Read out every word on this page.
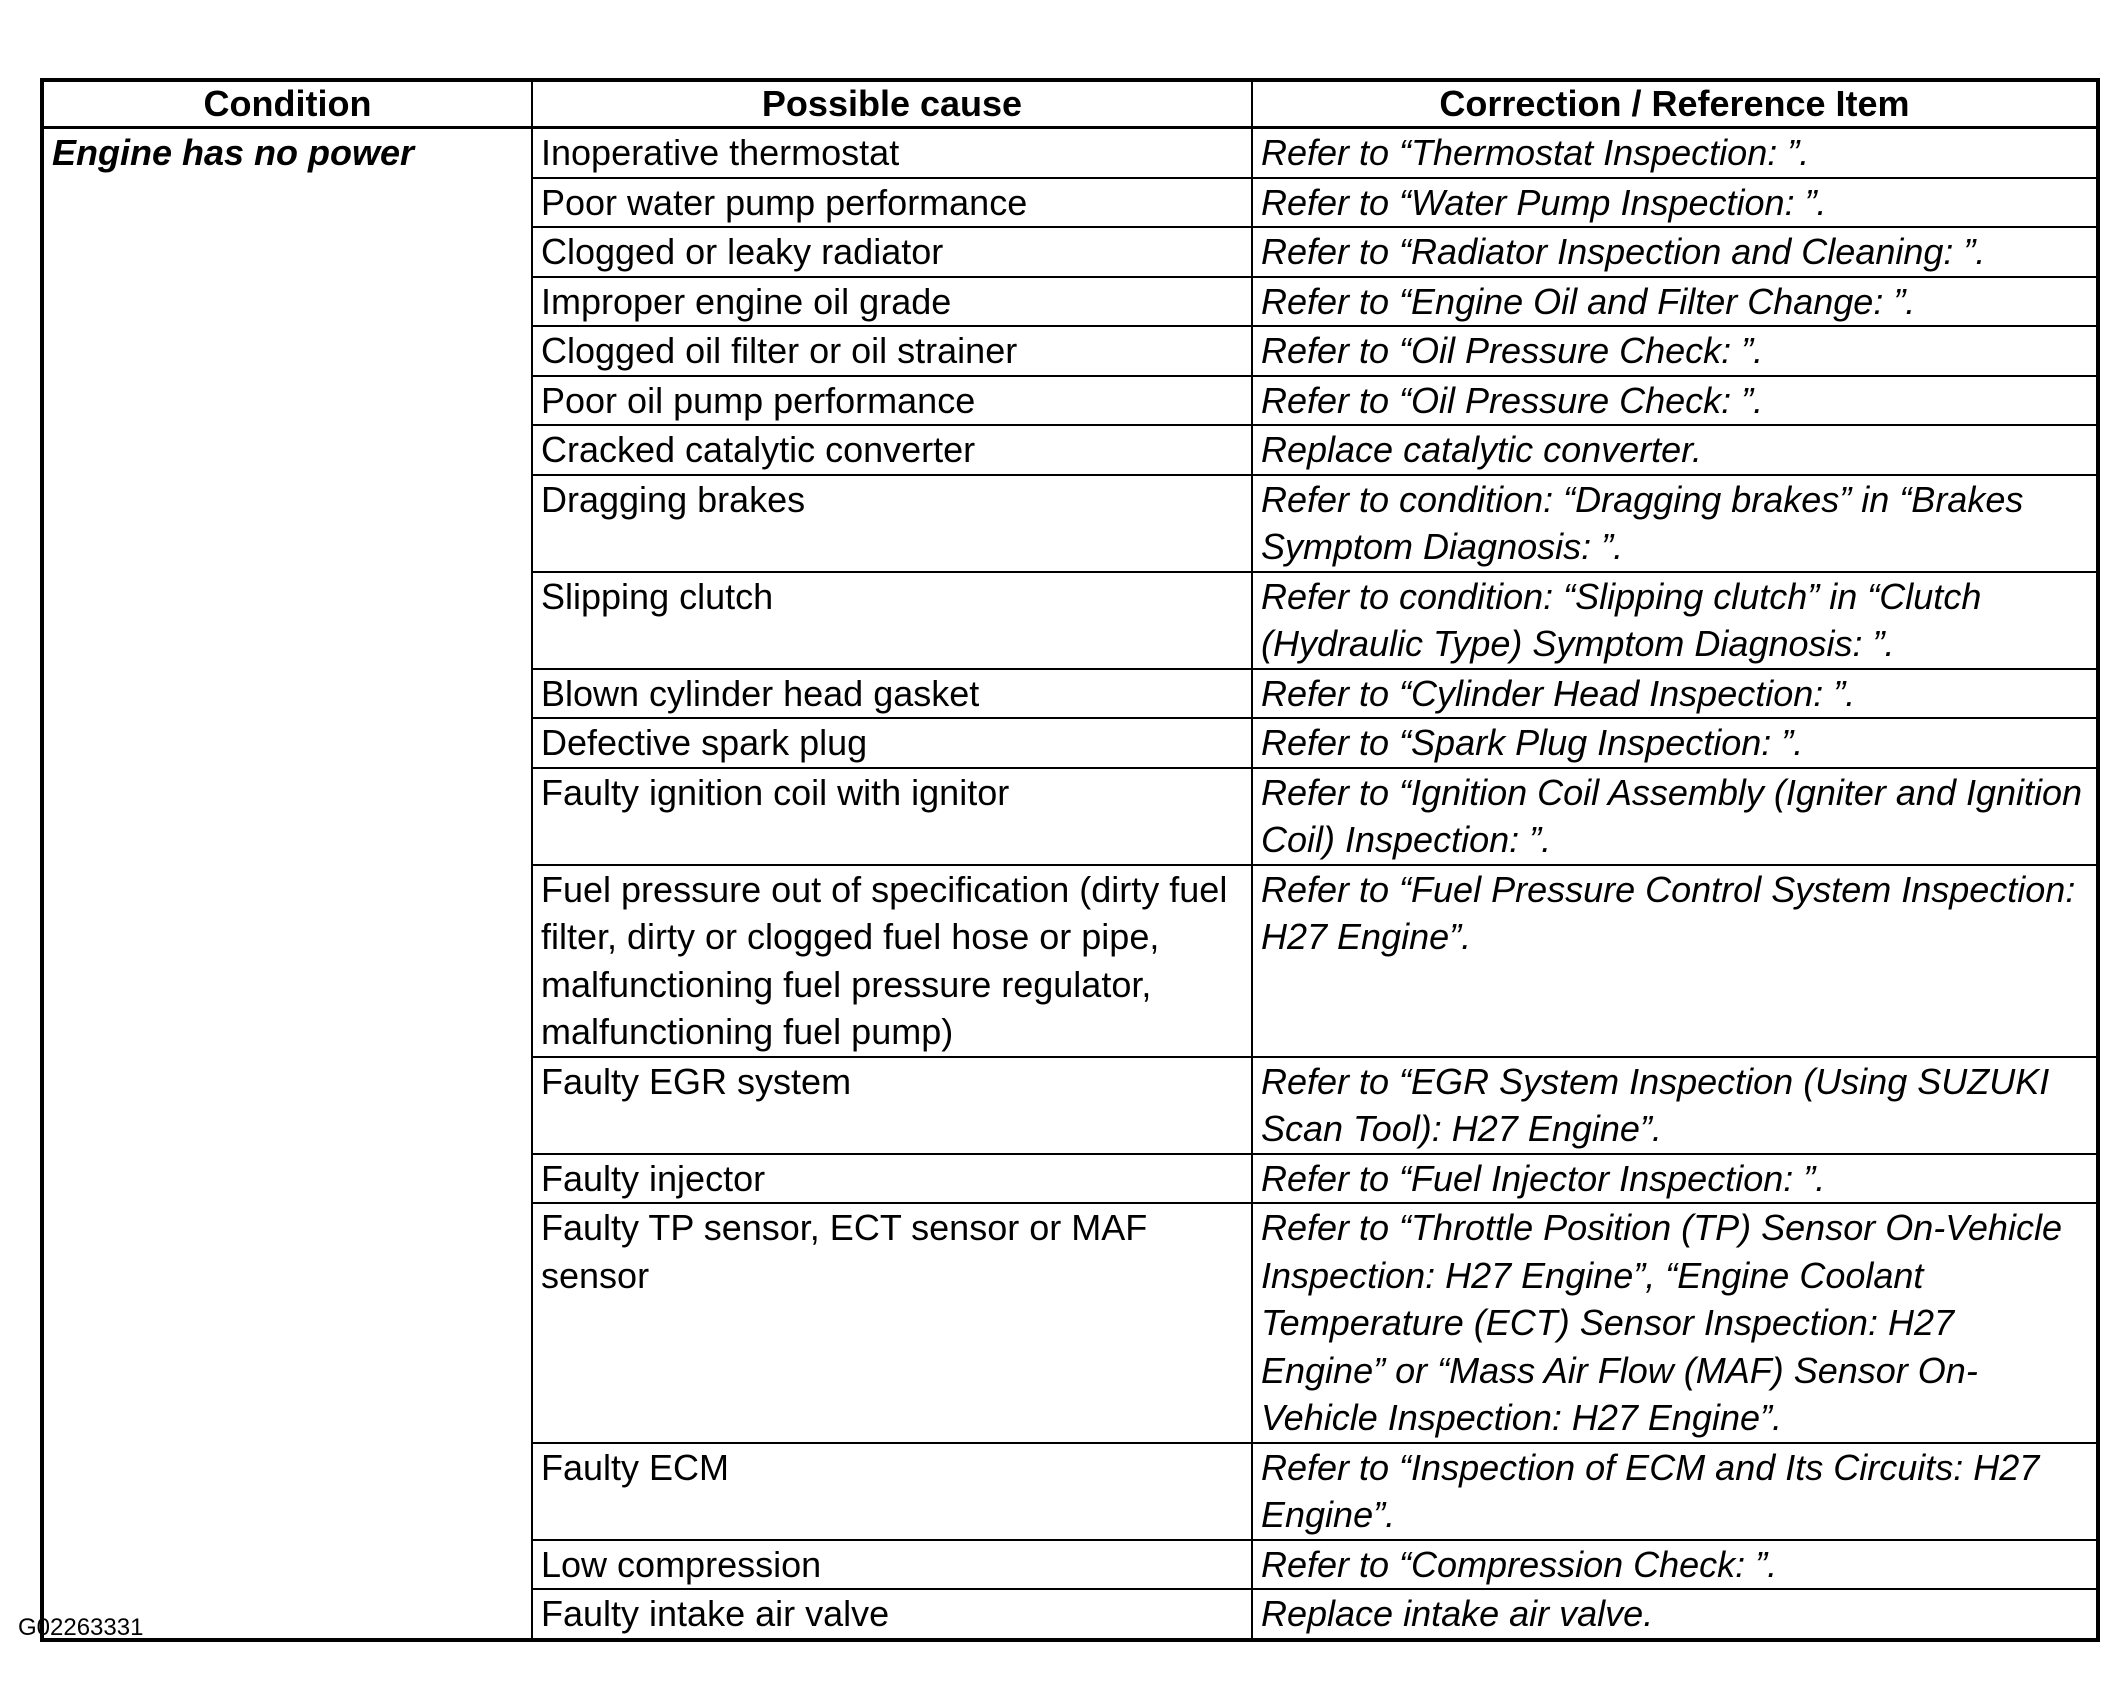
Condition	Possible cause	Correction / Reference Item
Engine has no power	Inoperative thermostat	Refer to “Thermostat Inspection: ”.
	Poor water pump performance	Refer to “Water Pump Inspection: ”.
	Clogged or leaky radiator	Refer to “Radiator Inspection and Cleaning: ”.
	Improper engine oil grade	Refer to “Engine Oil and Filter Change: ”.
	Clogged oil filter or oil strainer	Refer to “Oil Pressure Check: ”.
	Poor oil pump performance	Refer to “Oil Pressure Check: ”.
	Cracked catalytic converter	Replace catalytic converter.
	Dragging brakes	Refer to condition: “Dragging brakes” in “Brakes Symptom Diagnosis: ”.
	Slipping clutch	Refer to condition: “Slipping clutch” in “Clutch (Hydraulic Type) Symptom Diagnosis: ”.
	Blown cylinder head gasket	Refer to “Cylinder Head Inspection: ”.
	Defective spark plug	Refer to “Spark Plug Inspection: ”.
	Faulty ignition coil with ignitor	Refer to “Ignition Coil Assembly (Igniter and Ignition Coil) Inspection: ”.
	Fuel pressure out of specification (dirty fuel filter, dirty or clogged fuel hose or pipe, malfunctioning fuel pressure regulator, malfunctioning fuel pump)	Refer to “Fuel Pressure Control System Inspection: H27 Engine”.
	Faulty EGR system	Refer to “EGR System Inspection (Using SUZUKI Scan Tool): H27 Engine”.
	Faulty injector	Refer to “Fuel Injector Inspection: ”.
	Faulty TP sensor, ECT sensor or MAF sensor	Refer to “Throttle Position (TP) Sensor On-Vehicle Inspection: H27 Engine”, “Engine Coolant Temperature (ECT) Sensor Inspection: H27 Engine” or “Mass Air Flow (MAF) Sensor On-Vehicle Inspection: H27 Engine”.
	Faulty ECM	Refer to “Inspection of ECM and Its Circuits: H27 Engine”.
	Low compression	Refer to “Compression Check: ”.
	Faulty intake air valve	Replace intake air valve.
G02263331
